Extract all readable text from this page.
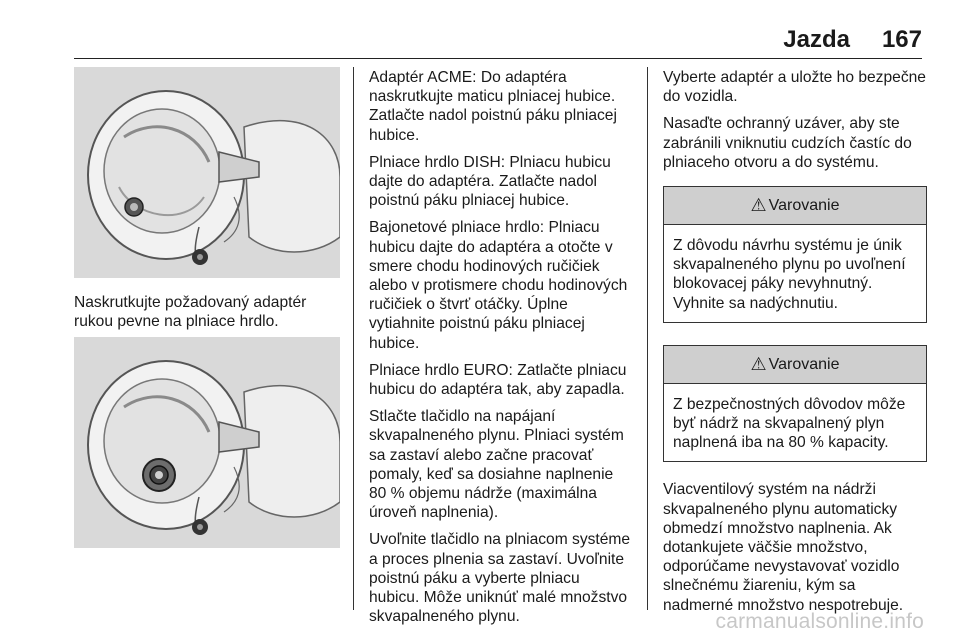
Jazda 167
Naskrutkujte požadovaný adaptér rukou pevne na plniace hrdlo.

Adaptér ACME: Do adaptéra naskrutkujte maticu plniacej hubice. Zatlačte nadol poistnú páku plniacej hubice.

Plniace hrdlo DISH: Plniacu hubicu dajte do adaptéra. Zatlačte nadol poistnú páku plniacej hubice.

Bajonetové plniace hrdlo: Plniacu hubicu dajte do adaptéra a otočte v smere chodu hodinových ručičiek alebo v protismere chodu hodinových ručičiek o štvrť otáčky. Úplne vytiahnite poistnú páku plniacej hubice.

Plniace hrdlo EURO: Zatlačte plniacu hubicu do adaptéra tak, aby zapadla.

Stlačte tlačidlo na napájaní skvapalneného plynu. Plniaci systém sa zastaví alebo začne pracovať pomaly, keď sa dosiahne naplnenie 80 % objemu nádrže (maximálna úroveň naplnenia).

Uvoľnite tlačidlo na plniacom systéme a proces plnenia sa zastaví. Uvoľnite poistnú páku a vyberte plniacu hubicu. Môže uniknúť malé množstvo skvapalneného plynu.

Vyberte adaptér a uložte ho bezpečne do vozidla.

Nasaďte ochranný uzáver, aby ste zabránili vniknutiu cudzích častíc do plniaceho otvoru a do systému.

⚠ Varovanie
Z dôvodu návrhu systému je únik skvapalneného plynu po uvoľnení blokovacej páky nevyhnutný. Vyhnite sa nadýchnutiu.
⚠ Varovanie
Z bezpečnostných dôvodov môže byť nádrž na skvapalnený plyn naplnená iba na 80 % kapacity.

Viacventilový systém na nádrži skvapalneného plynu automaticky obmedzí množstvo naplnenia. Ak dotankujete väčšie množstvo, odporúčame nevystavovať vozidlo slnečnému žiareniu, kým sa nadmerné množstvo nespotrebuje.

carmanualsonline.info
